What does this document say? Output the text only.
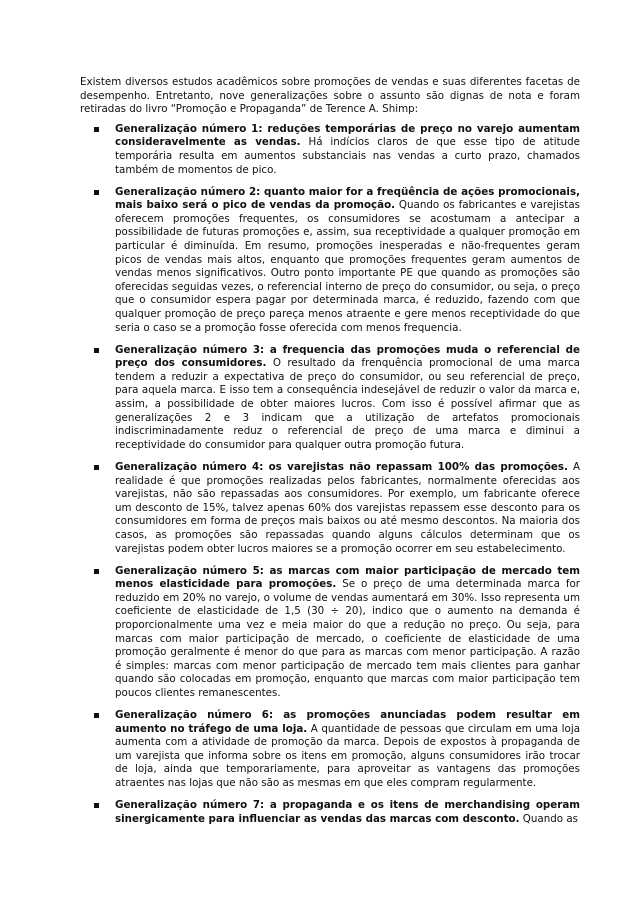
Existem diversos estudos acadêmicos sobre promoções de vendas e suas diferentes facetas de desempenho. Entretanto, nove generalizações sobre o assunto são dignas de nota e foram retiradas do livro “Promoção e Propaganda” de Terence A. Shimp:

Generalização número 1: reduções temporárias de preço no varejo aumentam consideravelmente as vendas. Há indícios claros de que esse tipo de atitude temporária resulta em aumentos substanciais nas vendas a curto prazo, chamados também de momentos de pico.
Generalização número 2: quanto maior for a freqüência de ações promocionais, mais baixo será o pico de vendas da promoção. Quando os fabricantes e varejistas oferecem promoções frequentes, os consumidores se acostumam a antecipar a possibilidade de futuras promoções e, assim, sua receptividade a qualquer promoção em particular é diminuída. Em resumo, promoções inesperadas e não-frequentes geram picos de vendas mais altos, enquanto que promoções frequentes geram aumentos de vendas menos significativos. Outro ponto importante PE que quando as promoções são oferecidas seguidas vezes, o referencial interno de preço do consumidor, ou seja, o preço que o consumidor espera pagar por determinada marca, é reduzido, fazendo com que qualquer promoção de preço pareça menos atraente e gere menos receptividade do que seria o caso se a promoção fosse oferecida com menos frequencia.
Generalização número 3: a frequencia das promoções muda o referencial de preço dos consumidores. O resultado da frenquência promocional de uma marca tendem a reduzir a expectativa de preço do consumidor, ou seu referencial de preço, para aquela marca. E isso tem a consequência indesejável de reduzir o valor da marca e, assim, a possibilidade de obter maiores lucros. Com isso é possível afirmar que as generalizações 2 e 3 indicam que a utilização de artefatos promocionais indiscriminadamente reduz o referencial de preço de uma marca e diminui a receptividade do consumidor para qualquer outra promoção futura.
Generalização número 4: os varejistas não repassam 100% das promoções. A realidade é que promoções realizadas pelos fabricantes, normalmente oferecidas aos varejistas, não são repassadas aos consumidores. Por exemplo, um fabricante oferece um desconto de 15%, talvez apenas 60% dos varejistas repassem esse desconto para os consumidores em forma de preços mais baixos ou até mesmo descontos. Na maioria dos casos, as promoções são repassadas quando alguns cálculos determinam que os varejistas podem obter lucros maiores se a promoção ocorrer em seu estabelecimento.
Generalização número 5: as marcas com maior participação de mercado tem menos elasticidade para promoções. Se o preço de uma determinada marca for reduzido em 20% no varejo, o volume de vendas aumentará em 30%. Isso representa um coeficiente de elasticidade de 1,5 (30 ÷ 20), indico que o aumento na demanda é proporcionalmente uma vez e meia maior do que a redução no preço. Ou seja, para marcas com maior participação de mercado, o coeficiente de elasticidade de uma promoção geralmente é menor do que para as marcas com menor participação. A razão é simples: marcas com menor participação de mercado tem mais clientes para ganhar quando são colocadas em promoção, enquanto que marcas com maior participação tem poucos clientes remanescentes.
Generalização número 6: as promoções anunciadas podem resultar em aumento no tráfego de uma loja. A quantidade de pessoas que circulam em uma loja aumenta com a atividade de promoção da marca. Depois de expostos à propaganda de um varejista que informa sobre os itens em promoção, alguns consumidores irão trocar de loja, ainda que temporariamente, para aproveitar as vantagens das promoções atraentes nas lojas que não são as mesmas em que eles compram regularmente.
Generalização número 7: a propaganda e os itens de merchandising operam sinergicamente para influenciar as vendas das marcas com desconto. Quando as
